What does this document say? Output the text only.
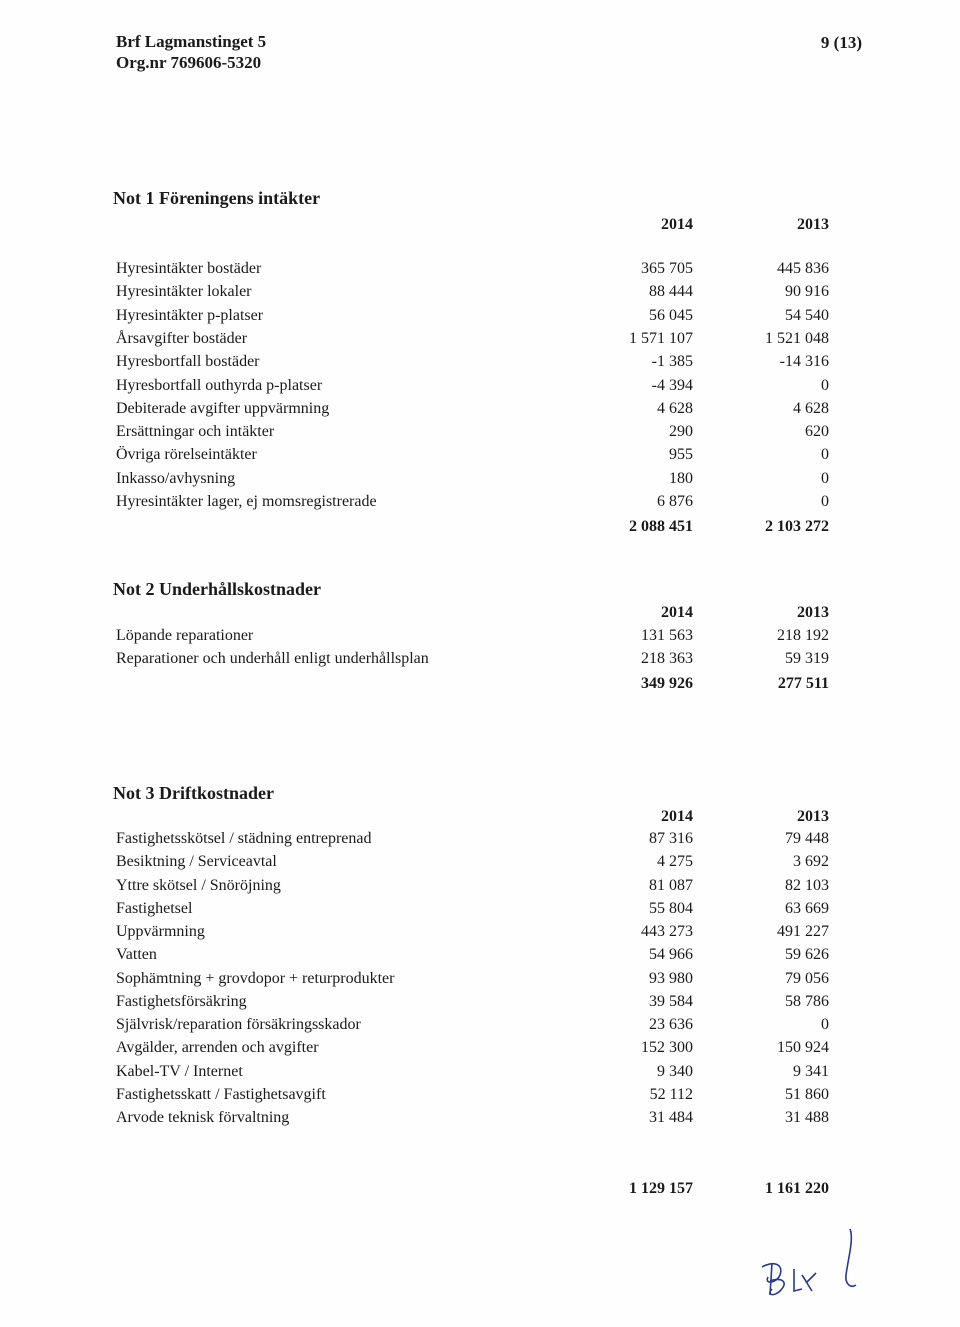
Brf Lagmanstinget 5
Org.nr 769606-5320
9 (13)
Not 1 Föreningens intäkter
2014	2013
Hyresintäkter bostäder	365 705	445 836
Hyresintäkter lokaler	88 444	90 916
Hyresintäkter p-platser	56 045	54 540
Årsavgifter bostäder	1 571 107	1 521 048
Hyresbortfall bostäder	-1 385	-14 316
Hyresbortfall outhyrda p-platser	-4 394	0
Debiterade avgifter uppvärmning	4 628	4 628
Ersättningar och intäkter	290	620
Övriga rörelseintäkter	955	0
Inkasso/avhysning	180	0
Hyresintäkter lager, ej momsregistrerade	6 876	0
2 088 451	2 103 272
Not 2 Underhållskostnader
2014	2013
Löpande reparationer	131 563	218 192
Reparationer och underhåll enligt underhållsplan	218 363	59 319
349 926	277 511
Not 3 Driftkostnader
2014	2013
Fastighetsskötsel / städning entreprenad	87 316	79 448
Besiktning / Serviceavtal	4 275	3 692
Yttre skötsel / Snöröjning	81 087	82 103
Fastighetsel	55 804	63 669
Uppvärmning	443 273	491 227
Vatten	54 966	59 626
Sophämtning + grovdopor + returprodukter	93 980	79 056
Fastighetsförsäkring	39 584	58 786
Självrisk/reparation försäkringsskador	23 636	0
Avgälder, arrenden och avgifter	152 300	150 924
Kabel-TV / Internet	9 340	9 341
Fastighetsskatt / Fastighetsavgift	52 112	51 860
Arvode teknisk förvaltning	31 484	31 488
1 129 157	1 161 220
